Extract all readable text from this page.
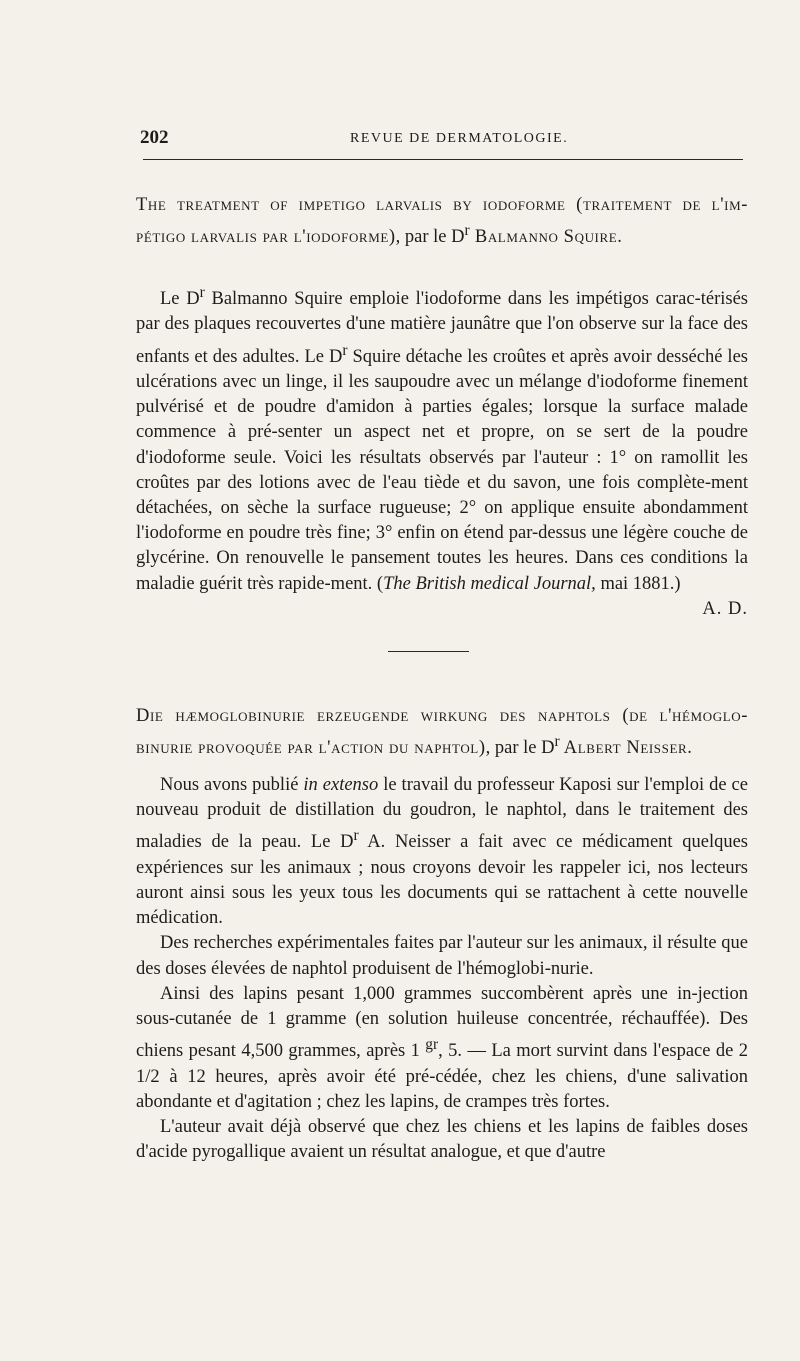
202	REVUE DE DERMATOLOGIE.

The treatment of impetigo larvalis by iodoforme (traitement de l'im- pétigo larvalis par l'iodoforme), par le $D^r$ Balmanno Squire.

Le $D^r$ Balmanno Squire emploie l'iodoforme dans les impétigos carac-térisés par des plaques recouvertes d'une matière jaunâtre que l'on observe sur la face des enfants et des adultes. Le $D^r$ Squire détache les croûtes et après avoir desséché les ulcérations avec un linge, il les saupoudre avec un mélange d'iodoforme finement pulvérisé et de poudre d'amidon à parties égales; lorsque la surface malade commence à pré-senter un aspect net et propre, on se sert de la poudre d'iodoforme seule. Voici les résultats observés par l'auteur : 1° on ramollit les croûtes par des lotions avec de l'eau tiède et du savon, une fois complète-ment détachées, on sèche la surface rugueuse; 2° on applique ensuite abondamment l'iodoforme en poudre très fine; 3° enfin on étend par-dessus une légère couche de glycérine. On renouvelle le pansement toutes les heures. Dans ces conditions la maladie guérit très rapide-ment. (The British medical Journal, mai 1881.)
A. D.

Die hæmoglobinurie erzeugende wirkung des naphtols (de l'hémoglo- binurie provoquée par l'action du naphtol), par le $D^r$ Albert Neisser.

Nous avons publié in extenso le travail du professeur Kaposi sur l'emploi de ce nouveau produit de distillation du goudron, le naphtol, dans le traitement des maladies de la peau. Le $D^r$ A. Neisser a fait avec ce médicament quelques expériences sur les animaux ; nous croyons devoir les rappeler ici, nos lecteurs auront ainsi sous les yeux tous les documents qui se rattachent à cette nouvelle médication.

Des recherches expérimentales faites par l'auteur sur les animaux, il résulte que des doses élevées de naphtol produisent de l'hémoglobi-nurie.

Ainsi des lapins pesant 1,000 grammes succombèrent après une in-jection sous-cutanée de 1 gramme (en solution huileuse concentrée, réchauffée). Des chiens pesant 4,500 grammes, après 1 $^{gr}$, 5. — La mort survint dans l'espace de 2 1/2 à 12 heures, après avoir été pré-cédée, chez les chiens, d'une salivation abondante et d'agitation ; chez les lapins, de crampes très fortes.

L'auteur avait déjà observé que chez les chiens et les lapins de faibles doses d'acide pyrogallique avaient un résultat analogue, et que d'autre
